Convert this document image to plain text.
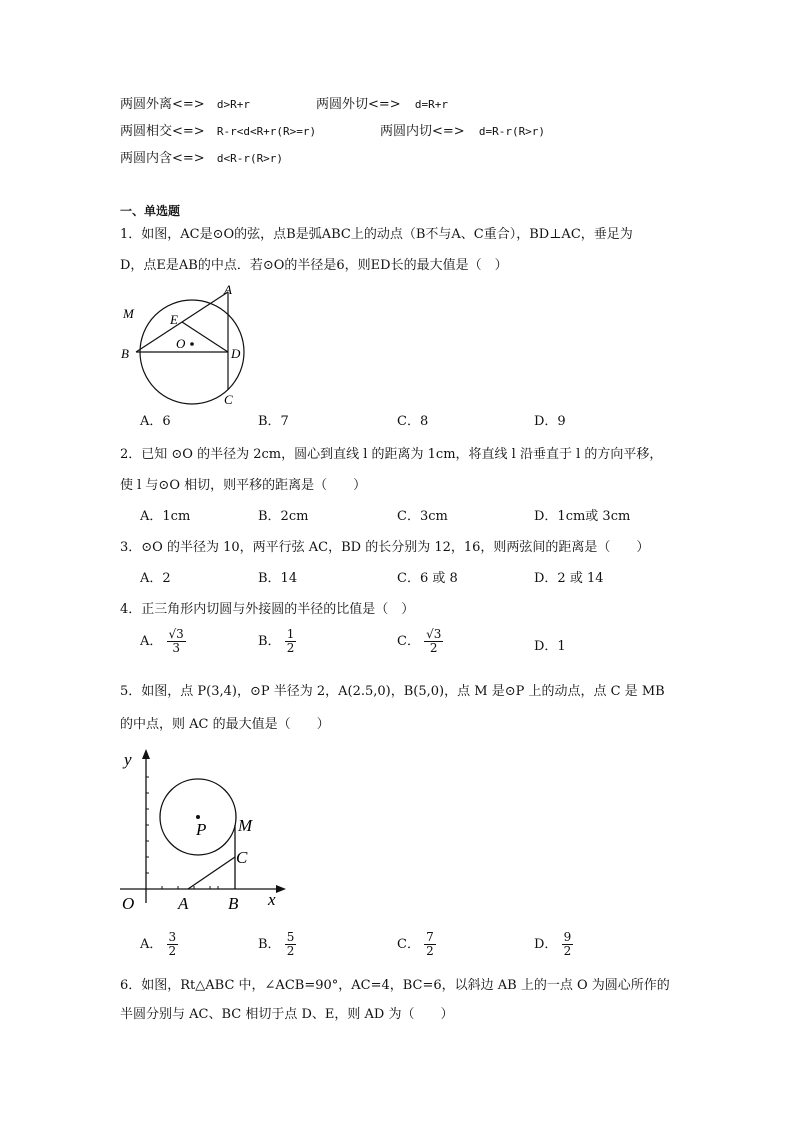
两圆外离<=> d>R+r	两圆外切<=> d=R+r
两圆相交<=> R-r<d<R+r(R>=r)	两圆内切<=> d=R-r(R>r)
两圆内含<=> d<R-r(R>r)
一、单选题
1．如图，AC是⊙O的弦，点B是弧ABC上的动点（B不与A、C重合），BD⊥AC，垂足为
D，点E是AB的中点．若⊙O的半径是6，则ED长的最大值是（　）
A
M	E
O
B	D
C
A．6	B．7	C．8	D．9
2．已知 ⊙O 的半径为 2cm，圆心到直线 l 的距离为 1cm，将直线 l 沿垂直于 l 的方向平移，
使 l 与⊙O 相切，则平移的距离是（　　）
A．1cm	B．2cm	C．3cm	D．1cm或 3cm
3．⊙O 的半径为 10，两平行弦 AC，BD 的长分别为 12，16，则两弦间的距离是（　　）
A．2	B．14	C．6 或 8	D．2 或 14
4．正三角形内切圆与外接圆的半径的比值是（　）
A． $\frac{√3}{3}$	B． $\frac{1}{2}$	C． $\frac{√3}{2}$	D．1
5．如图，点 P(3,4)，⊙P 半径为 2，A(2.5,0)，B(5,0)，点 M 是⊙P 上的动点，点 C 是 MB
的中点，则 AC 的最大值是（　　）
y
x
O
P M
C
A B
A． $\frac{3}{2}$	B． $\frac{5}{2}$	C． $\frac{7}{2}$	D． $\frac{9}{2}$
6．如图，Rt△ABC 中，∠ACB=90°，AC=4，BC=6，以斜边 AB 上的一点 O 为圆心所作的
半圆分别与 AC、BC 相切于点 D、E，则 AD 为（　　）
